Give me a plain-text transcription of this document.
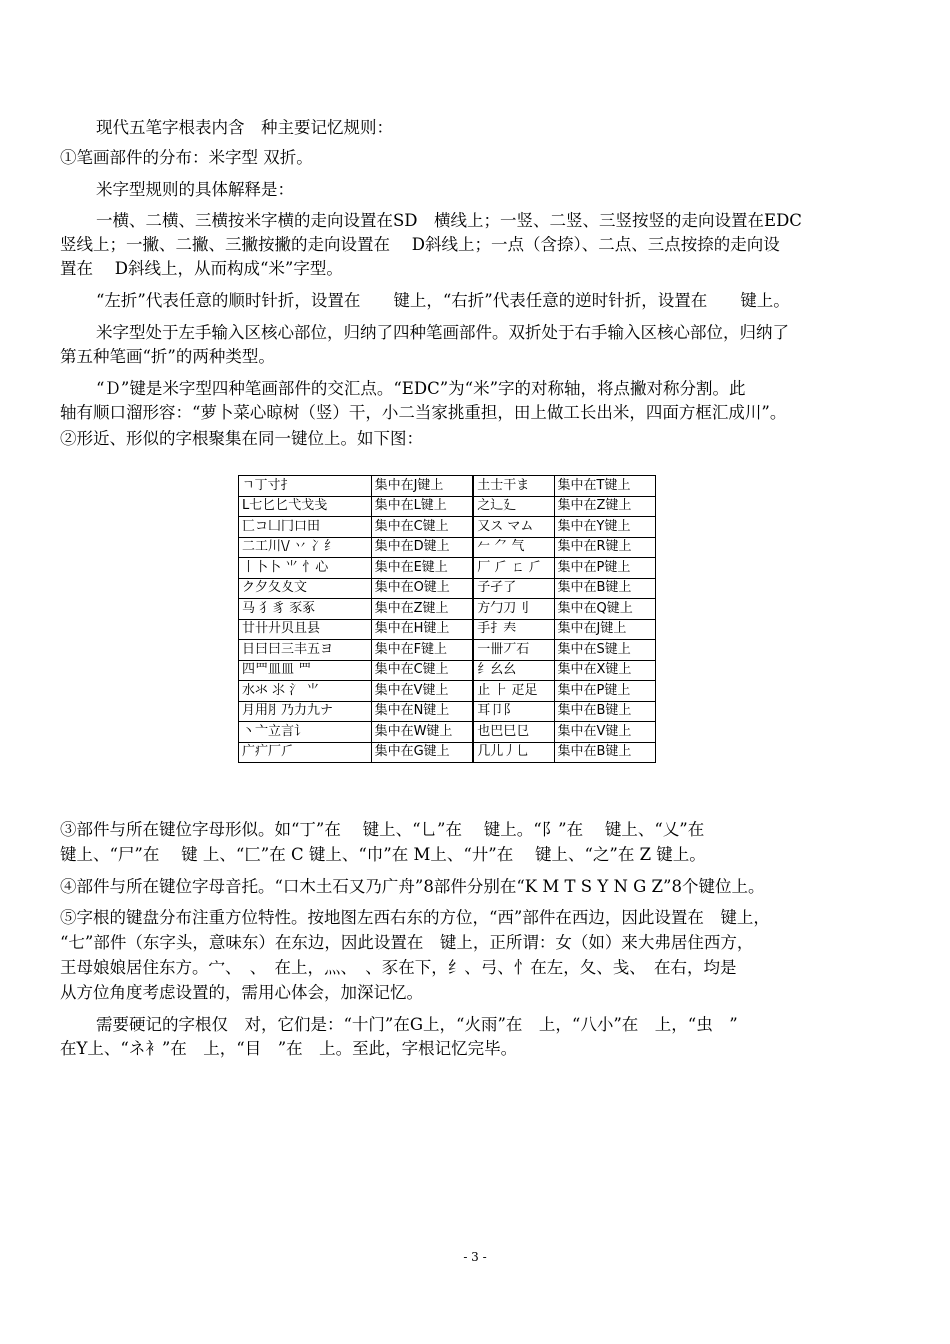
现代五笔字根表内含　种主要记忆规则：
①笔画部件的分布：米字型 双折。
米字型规则的具体解释是：
一横、二横、三横按米字横的走向设置在SD　横线上；一竖、二竖、三竖按竖的走向设置在EDC
竖线上；一撇、二撇、三撇按撇的走向设置在　 D斜线上；一点（含捺）、二点、三点按捺的走向设
置在　 D斜线上，从而构成“米”字型。
“左折”代表任意的顺时针折，设置在　　键上，“右折”代表任意的逆时针折，设置在　　键上。
米字型处于左手输入区核心部位，归纳了四种笔画部件。双折处于右手输入区核心部位，归纳了
第五种笔画“折”的两种类型。
“Ｄ”键是米字型四种笔画部件的交汇点。“EDC”为“米”字的对称轴，将点撇对称分割。此
轴有顺口溜形容：“萝卜菜心晾树（竖）干，小二当家挑重担，田上做工长出米，四面方框汇成川”。
②形近、形似的字根聚集在同一键位上。如下图：
ㄱ丁寸扌	集中在J键上	土士干ま	集中在T键上
L七匕匕弋戈戋	集中在L键上	之辶廴	集中在Z键上
匸コ凵冂口田	集中在C键上	又ス マム	集中在Y键上
二工川\/ 丷 冫纟	集中在D键上	𠂉 ⺈ 气	集中在R键上
丨卜卜 ⺌ 忄心	集中在E键上	厂 ⺁ ㄈ ⺁	集中在P键上
ク夕夂夊文	集中在O键上	子孑了	集中在B键上
马 犭豸 豕豖	集中在Z键上	方勹刀刂	集中在Q键上
廿卄廾贝且县	集中在H键上	手扌𡗗	集中在J键上
日曰曰三丰五ヨ	集中在F键上	一卌丆石	集中在S键上
四罒皿皿 ⺫	集中在C键上	纟幺幺	集中在X键上
水氺 ⺢ 氵 ⺌	集中在V键上	止 ⺊ 疋足	集中在P键上
月用⺼乃力九ナ	集中在N键上	耳卩阝	集中在B键上
丶亠立言讠	集中在W键上	也巴巳㔾	集中在V键上
广疒厂⺁	集中在G键上	几儿丿乚	集中在B键上
③部件与所在键位字母形似。如“丁”在　 键上、“乚”在　 键上。“阝”在　 键上、“乂”在
键上、“尸”在　 键 上、“匚”在 C 键上、“巾”在 M上、“廾”在　 键上、“之”在 Z 键上。
④部件与所在键位字母音托。“口木土石又乃广舟”8部件分别在“K M T S Y N G Z”8个键位上。
⑤字根的键盘分布注重方位特性。按地图左西右东的方位，“西”部件在西边，因此设置在　键上，
“七”部件（东字头，意味东）在东边，因此设置在　键上，正所谓：女（如）来大弗居住西方，
王母娘娘居住东方。宀、　、　在上，灬、　、豕在下，纟、弓、忄在左，夂、戋、　在右，均是
从方位角度考虑设置的，需用心体会，加深记忆。
需要硬记的字根仅　对，它们是：“十门”在G上，“火雨”在　上，“八小”在　上，“虫　”
在Y上、“ネ衤”在　上，“目　”在　上。至此，字根记忆完毕。
- 3 -
